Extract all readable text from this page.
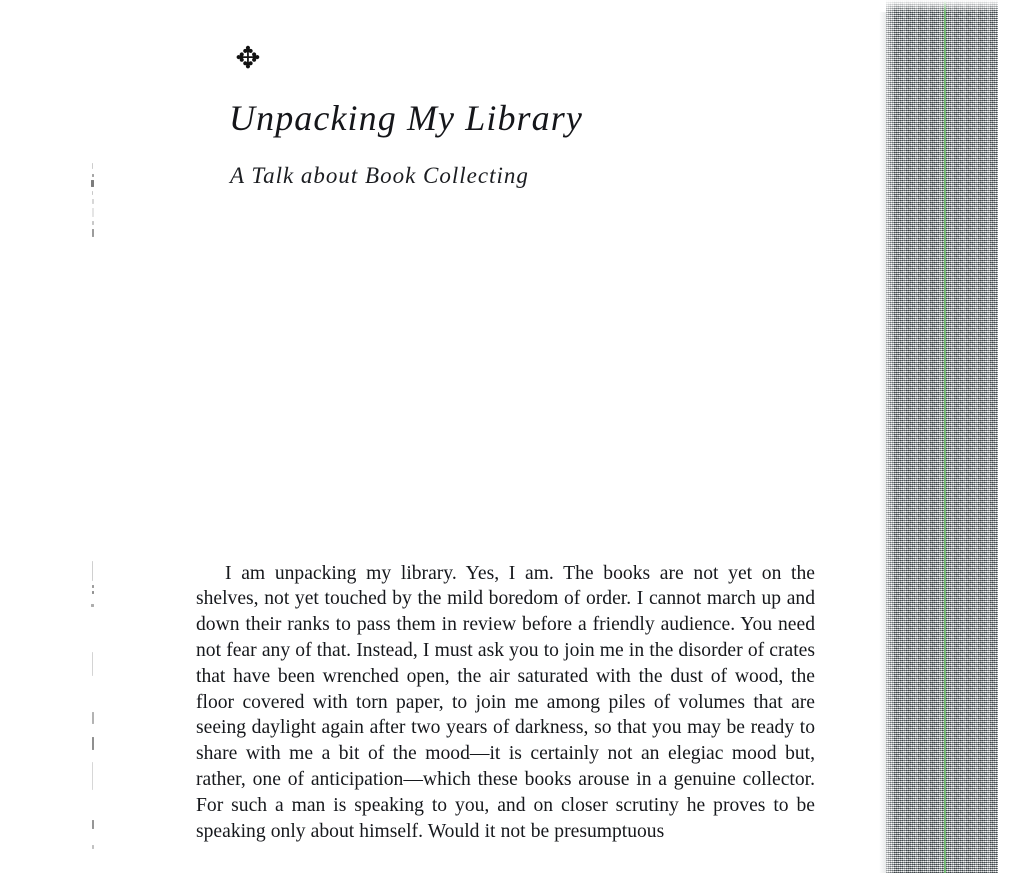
✥
Unpacking My Library
A Talk about Book Collecting

I am unpacking my library. Yes, I am. The books are not yet on the shelves, not yet touched by the mild boredom of order. I cannot march up and down their ranks to pass them in review before a friendly audience. You need not fear any of that. Instead, I must ask you to join me in the disorder of crates that have been wrenched open, the air saturated with the dust of wood, the floor covered with torn paper, to join me among piles of volumes that are seeing daylight again after two years of darkness, so that you may be ready to share with me a bit of the mood—it is certainly not an elegiac mood but, rather, one of anticipation—which these books arouse in a genuine collector. For such a man is speaking to you, and on closer scrutiny he proves to be speaking only about himself. Would it not be presumptuous
